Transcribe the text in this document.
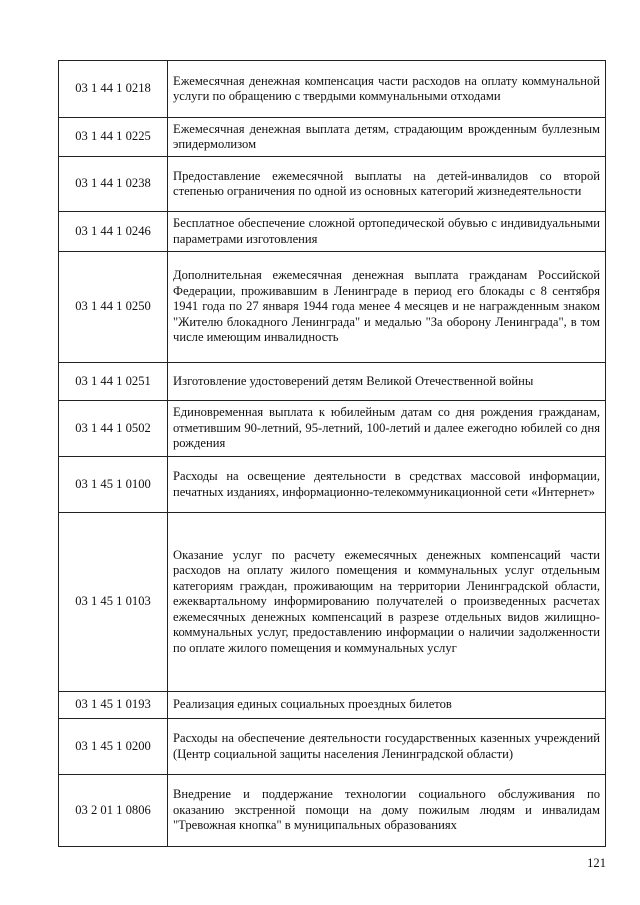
03 1 44 1 0218	Ежемесячная денежная компенсация части расходов на оплату коммунальной услуги по обращению с твердыми коммунальными отходами
03 1 44 1 0225	Ежемесячная денежная выплата детям, страдающим врожденным буллезным эпидермолизом
03 1 44 1 0238	Предоставление ежемесячной выплаты на детей-инвалидов со второй степенью ограничения по одной из основных категорий жизнедеятельности
03 1 44 1 0246	Бесплатное обеспечение сложной ортопедической обувью с индивидуальными параметрами изготовления
03 1 44 1 0250	Дополнительная ежемесячная денежная выплата гражданам Российской Федерации, проживавшим в Ленинграде в период его блокады с 8 сентября 1941 года по 27 января 1944 года менее 4 месяцев и не награжденным знаком "Жителю блокадного Ленинграда" и медалью "За оборону Ленинграда", в том числе имеющим инвалидность
03 1 44 1 0251	Изготовление удостоверений детям Великой Отечественной войны
03 1 44 1 0502	Единовременная выплата к юбилейным датам со дня рождения гражданам, отметившим 90-летний, 95-летний, 100-летий и далее ежегодно юбилей со дня рождения
03 1 45 1 0100	Расходы на освещение деятельности в средствах массовой информации, печатных изданиях, информационно-телекоммуникационной сети «Интернет»
03 1 45 1 0103	Оказание услуг по расчету ежемесячных денежных компенсаций части расходов на оплату жилого помещения и коммунальных услуг отдельным категориям граждан, проживающим на территории Ленинградской области, ежеквартальному информированию получателей о произведенных расчетах ежемесячных денежных компенсаций в разрезе отдельных видов жилищно-коммунальных услуг, предоставлению информации о наличии задолженности по оплате жилого помещения и коммунальных услуг
03 1 45 1 0193	Реализация единых социальных проездных билетов
03 1 45 1 0200	Расходы на обеспечение деятельности государственных казенных учреждений (Центр социальной защиты населения Ленинградской области)
03 2 01 1 0806	Внедрение и поддержание технологии социального обслуживания по оказанию экстренной помощи на дому пожилым людям и инвалидам "Тревожная кнопка" в муниципальных образованиях
121
